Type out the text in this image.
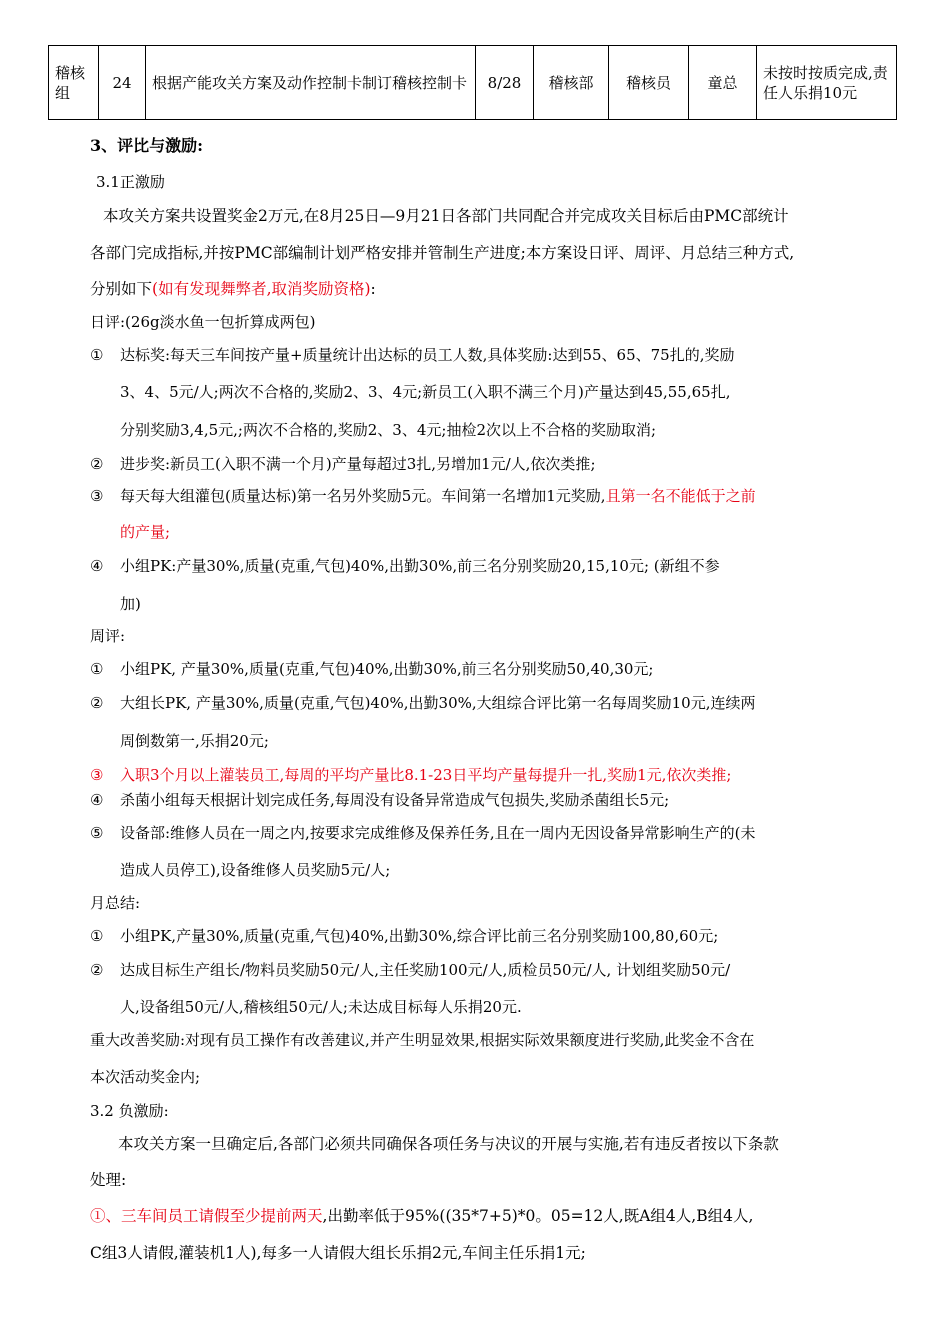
稽核组	24	根据产能攻关方案及动作控制卡制订稽核控制卡	8/28	稽核部	稽核员	童总	未按时按质完成,责任人乐捐10元
3、评比与激励:
3.1正激励
本攻关方案共设置奖金2万元,在8月25日—9月21日各部门共同配合并完成攻关目标后由PMC部统计
各部门完成指标,并按PMC部编制计划严格安排并管制生产进度;本方案设日评、周评、月总结三种方式,
分别如下(如有发现舞弊者,取消奖励资格):
日评:(26g淡水鱼一包折算成两包)
① 达标奖:每天三车间按产量+质量统计出达标的员工人数,具体奖励:达到55、65、75扎的,奖励
3、4、5元/人;两次不合格的,奖励2、3、4元;新员工(入职不满三个月)产量达到45,55,65扎,
分别奖励3,4,5元,;两次不合格的,奖励2、3、4元;抽检2次以上不合格的奖励取消;
② 进步奖:新员工(入职不满一个月)产量每超过3扎,另增加1元/人,依次类推;
③ 每天每大组灌包(质量达标)第一名另外奖励5元。车间第一名增加1元奖励,且第一名不能低于之前
的产量;
④ 小组PK:产量30%,质量(克重,气包)40%,出勤30%,前三名分别奖励20,15,10元; (新组不参
加)
周评:
① 小组PK, 产量30%,质量(克重,气包)40%,出勤30%,前三名分别奖励50,40,30元;
② 大组长PK, 产量30%,质量(克重,气包)40%,出勤30%,大组综合评比第一名每周奖励10元,连续两
周倒数第一,乐捐20元;
③ 入职3个月以上灌装员工,每周的平均产量比8.1-23日平均产量每提升一扎,奖励1元,依次类推;
④ 杀菌小组每天根据计划完成任务,每周没有设备异常造成气包损失,奖励杀菌组长5元;
⑤ 设备部:维修人员在一周之内,按要求完成维修及保养任务,且在一周内无因设备异常影响生产的(未
造成人员停工),设备维修人员奖励5元/人;
月总结:
① 小组PK,产量30%,质量(克重,气包)40%,出勤30%,综合评比前三名分别奖励100,80,60元;
② 达成目标生产组长/物料员奖励50元/人,主任奖励100元/人,质检员50元/人, 计划组奖励50元/
人,设备组50元/人,稽核组50元/人;未达成目标每人乐捐20元.
重大改善奖励:对现有员工操作有改善建议,并产生明显效果,根据实际效果额度进行奖励,此奖金不含在
本次活动奖金内;
3.2 负激励:
本攻关方案一旦确定后,各部门必须共同确保各项任务与决议的开展与实施,若有违反者按以下条款
处理:
①、三车间员工请假至少提前两天,出勤率低于95%((35*7+5)*0。05=12人,既A组4人,B组4人,
C组3人请假,灌装机1人),每多一人请假大组长乐捐2元,车间主任乐捐1元;
